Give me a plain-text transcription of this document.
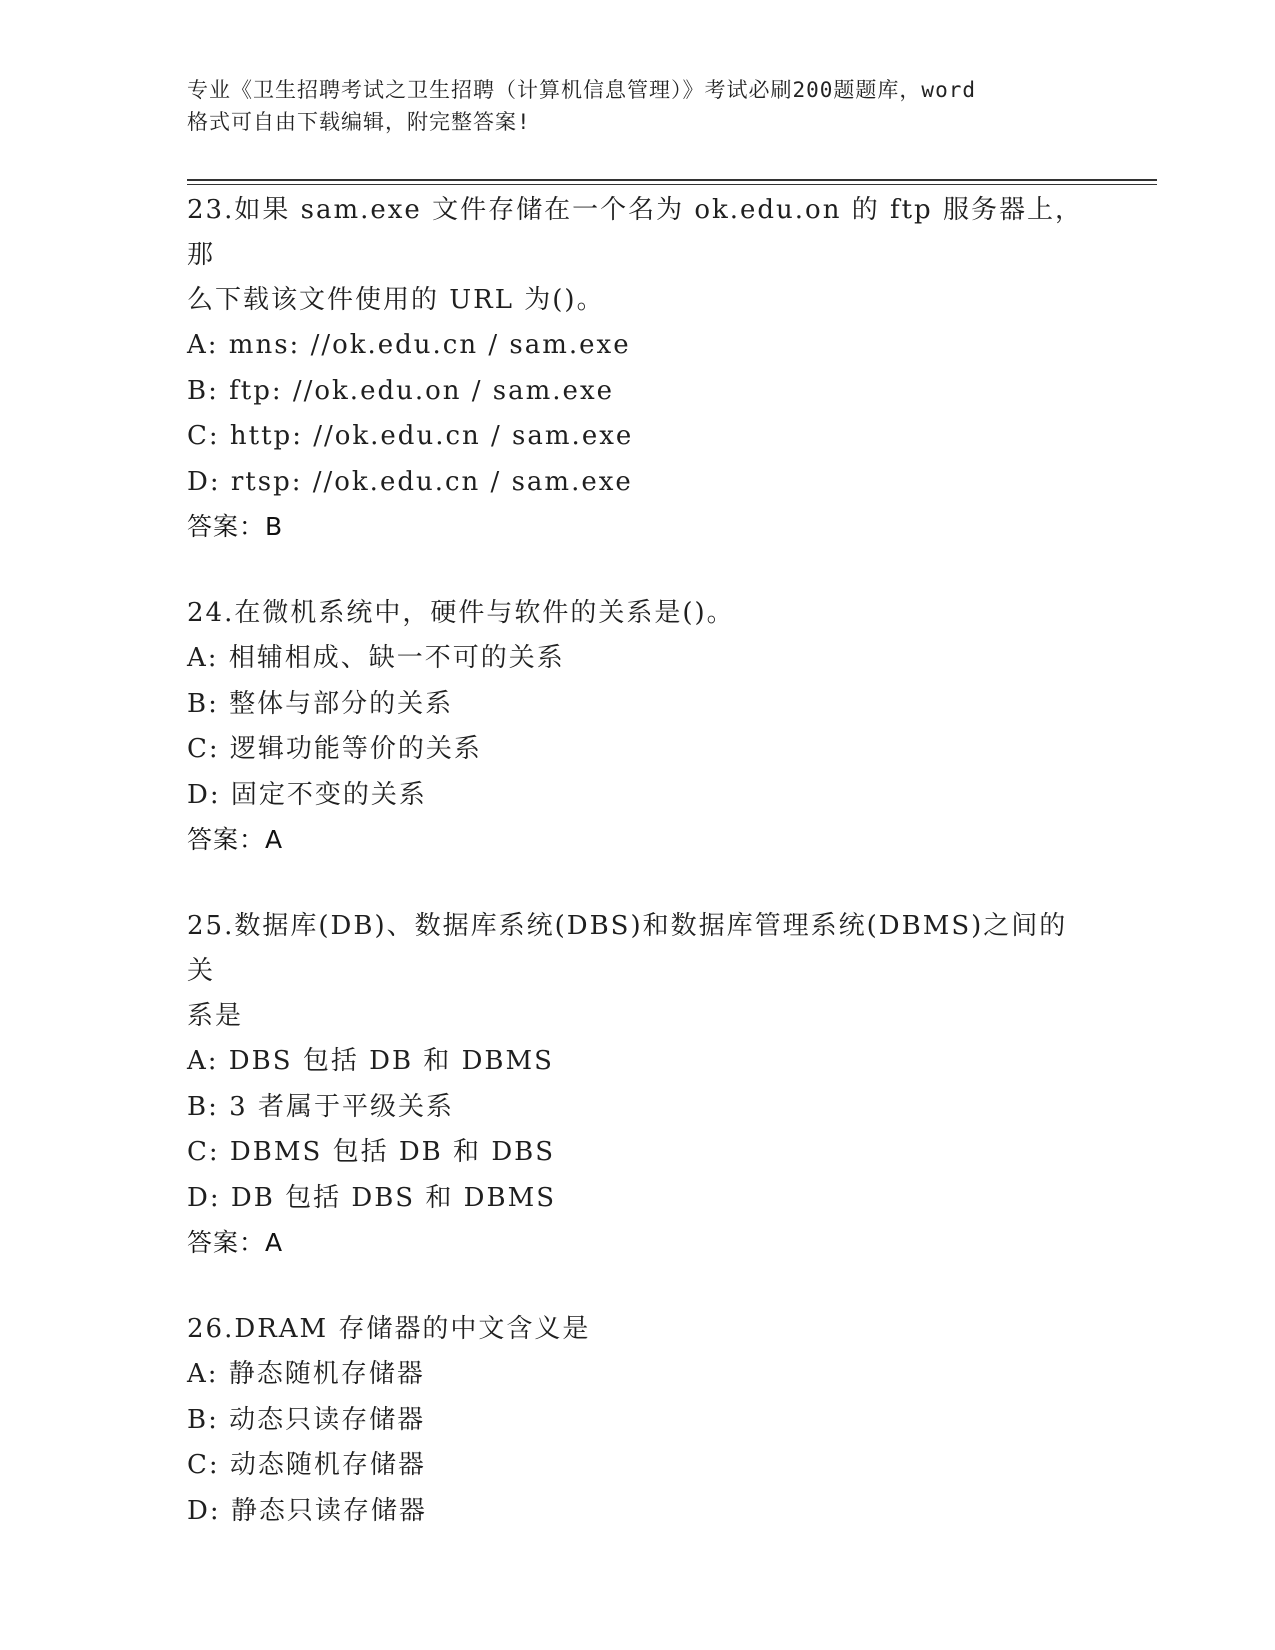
专业《卫生招聘考试之卫生招聘（计算机信息管理）》考试必刷200题题库，word
格式可自由下载编辑，附完整答案!

23.如果 sam.exe 文件存储在一个名为 ok.edu.on 的 ftp 服务器上，那

么下载该文件使用的 URL 为()。

A: mns: //ok.edu.cn / sam.exe

B: ftp: //ok.edu.on / sam.exe

C: http: //ok.edu.cn / sam.exe

D: rtsp: //ok.edu.cn / sam.exe

答案：B

24.在微机系统中，硬件与软件的关系是()。

A: 相辅相成、缺一不可的关系

B: 整体与部分的关系

C: 逻辑功能等价的关系

D: 固定不变的关系

答案：A

25.数据库(DB)、数据库系统(DBS)和数据库管理系统(DBMS)之间的关

系是

A: DBS 包括 DB 和 DBMS

B: 3 者属于平级关系

C: DBMS 包括 DB 和 DBS

D: DB 包括 DBS 和 DBMS

答案：A

26.DRAM 存储器的中文含义是

A: 静态随机存储器

B: 动态只读存储器

C: 动态随机存储器

D: 静态只读存储器
